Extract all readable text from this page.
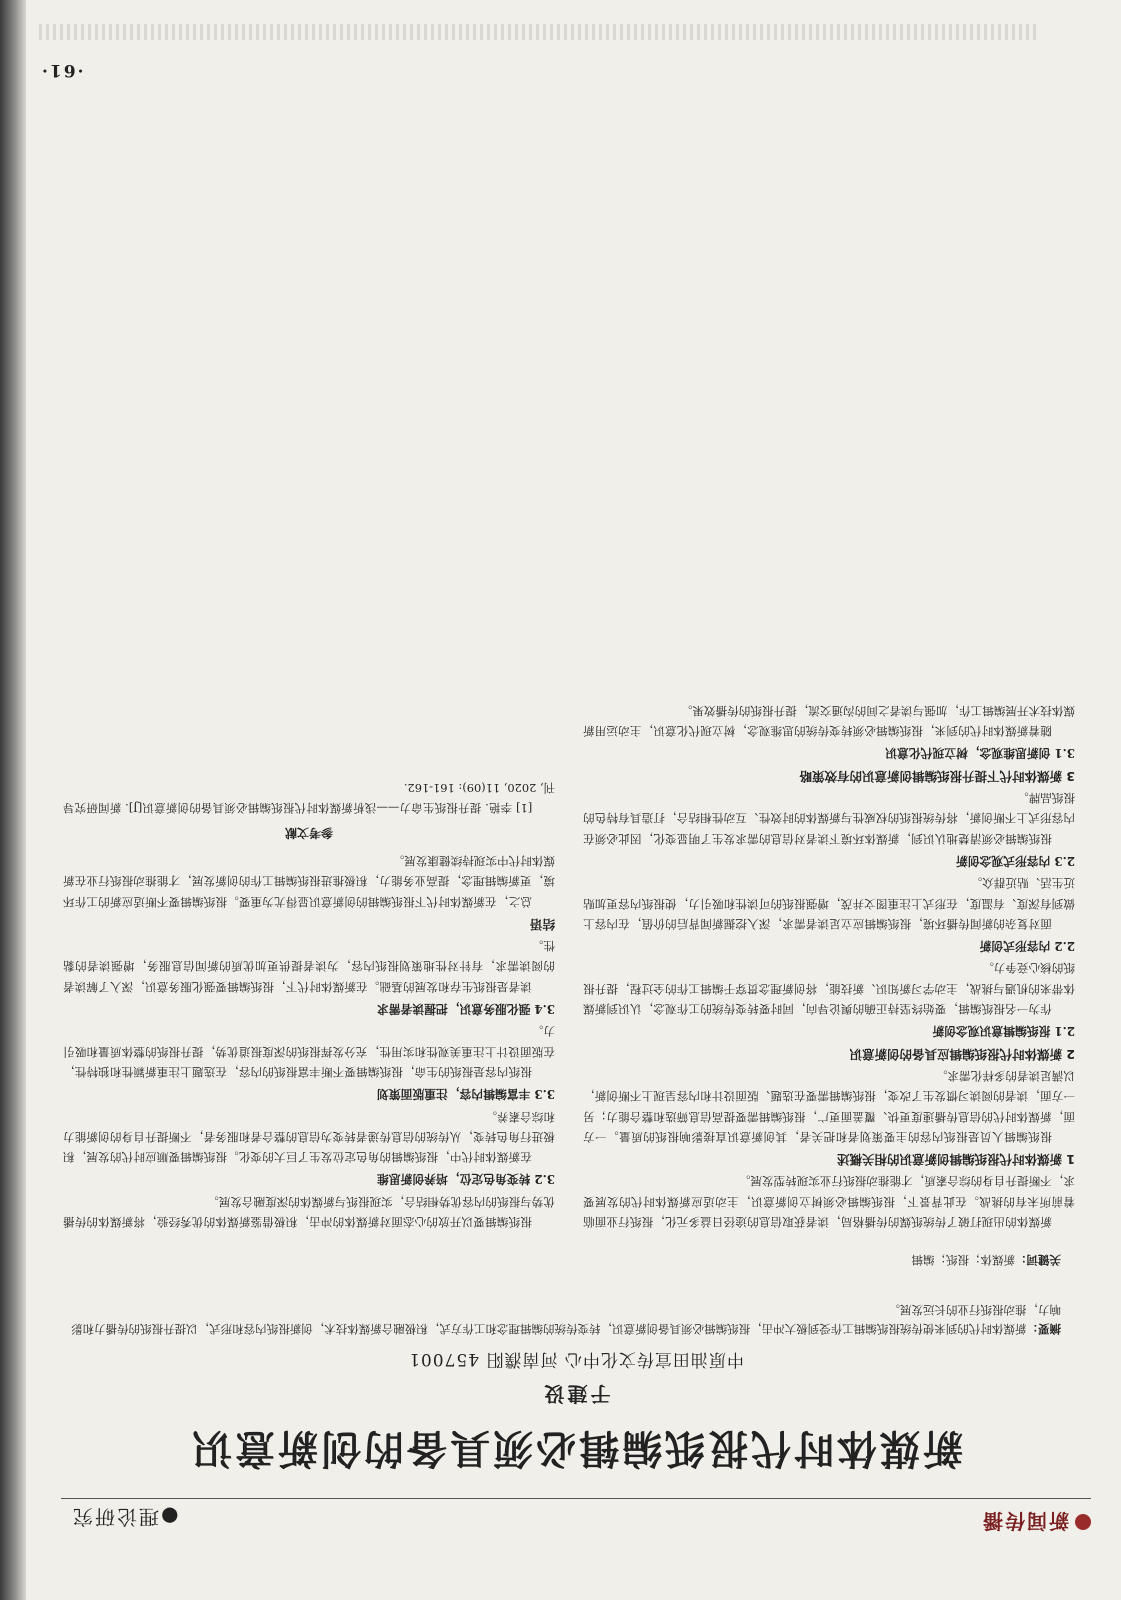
新闻传播
●理论研究
新媒体时代报纸编辑必须具备的创新意识
于建设
中原油田宣传文化中心 河南濮阳 457001
摘要：新媒体时代的到来使传统报纸编辑工作受到极大冲击，报纸编辑必须具备创新意识，转变传统的编辑理念和工作方式，积极融合新媒体技术，创新报纸内容和形式，以提升报纸的传播力和影响力，推动报纸行业的长远发展。
关键词：新媒体；报纸；编辑

新媒体的出现打破了传统纸媒的传播格局，读者获取信息的途径日益多元化，报纸行业面临着前所未有的挑战。在此背景下，报纸编辑必须树立创新意识，主动适应新媒体时代的发展要求，不断提升自身的综合素质，才能推动报纸行业实现转型发展。

1 新媒体时代报纸编辑创新意识的相关概述

报纸编辑人员是报纸内容的主要策划者和把关者，其创新意识直接影响报纸的质量。一方面，新媒体时代的信息传播速度更快、覆盖面更广，报纸编辑需要提高信息筛选和整合能力；另一方面，读者的阅读习惯发生了改变，报纸编辑需要在选题、版面设计和内容呈现上不断创新，以满足读者的多样化需求。

2 新媒体时代报纸编辑应具备的创新意识
2.1 报纸编辑意识观念创新

作为一名报纸编辑，要始终坚持正确的舆论导向，同时要转变传统的工作观念，认识到新媒体带来的机遇与挑战，主动学习新知识、新技能，将创新理念贯穿于编辑工作的全过程，提升报纸的核心竞争力。

2.2 内容形式创新

面对复杂的新闻传播环境，报纸编辑应立足读者需求，深入挖掘新闻背后的价值，在内容上做到有深度、有温度，在形式上注重图文并茂，增强报纸的可读性和吸引力，使报纸内容更加贴近生活、贴近群众。

2.3 内容形式观念创新

报纸编辑必须清楚地认识到，新媒体环境下读者对信息的需求发生了明显变化，因此必须在内容形式上不断创新，将传统报纸的权威性与新媒体的时效性、互动性相结合，打造具有特色的报纸品牌。

3 新媒体时代下提升报纸编辑创新意识的有效策略
3.1 创新思维观念，树立现代化意识

随着新媒体时代的到来，报纸编辑必须转变传统的思维观念，树立现代化意识，主动运用新媒体技术开展编辑工作，加强与读者之间的沟通交流，提升报纸的传播效果。

报纸编辑要以开放的心态面对新媒体的冲击，积极借鉴新媒体的优秀经验，将新媒体的传播优势与报纸的内容优势相结合，实现报纸与新媒体的深度融合发展。

3.2 转变角色定位，培养创新思维

在新媒体时代中，报纸编辑的角色定位发生了巨大的变化。报纸编辑要顺应时代的发展，积极进行角色转变，从传统的信息传递者转变为信息的整合者和服务者，不断提升自身的创新能力和综合素养。

3.3 丰富编辑内容，注重版面策划

报纸内容是报纸的生命，报纸编辑要不断丰富报纸的内容，在选题上注重新颖性和独特性，在版面设计上注重美观性和实用性，充分发挥报纸的深度报道优势，提升报纸的整体质量和吸引力。

3.4 强化服务意识，把握读者需求

读者是报纸生存和发展的基础。在新媒体时代下，报纸编辑要强化服务意识，深入了解读者的阅读需求，有针对性地策划报纸内容，为读者提供更加优质的新闻信息服务，增强读者的黏性。

结语

总之，在新媒体时代下报纸编辑的创新意识显得尤为重要。报纸编辑要不断适应新的工作环境，更新编辑理念，提高业务能力，积极推进报纸编辑工作的创新发展，才能推动报纸行业在新媒体时代中实现持续健康发展。

参考文献

[1] 李艳. 提升报纸生命力——浅析新媒体时代报纸编辑必须具备的创新意识[J]. 新闻研究导刊, 2020, 11(09): 161-162.

·61·
